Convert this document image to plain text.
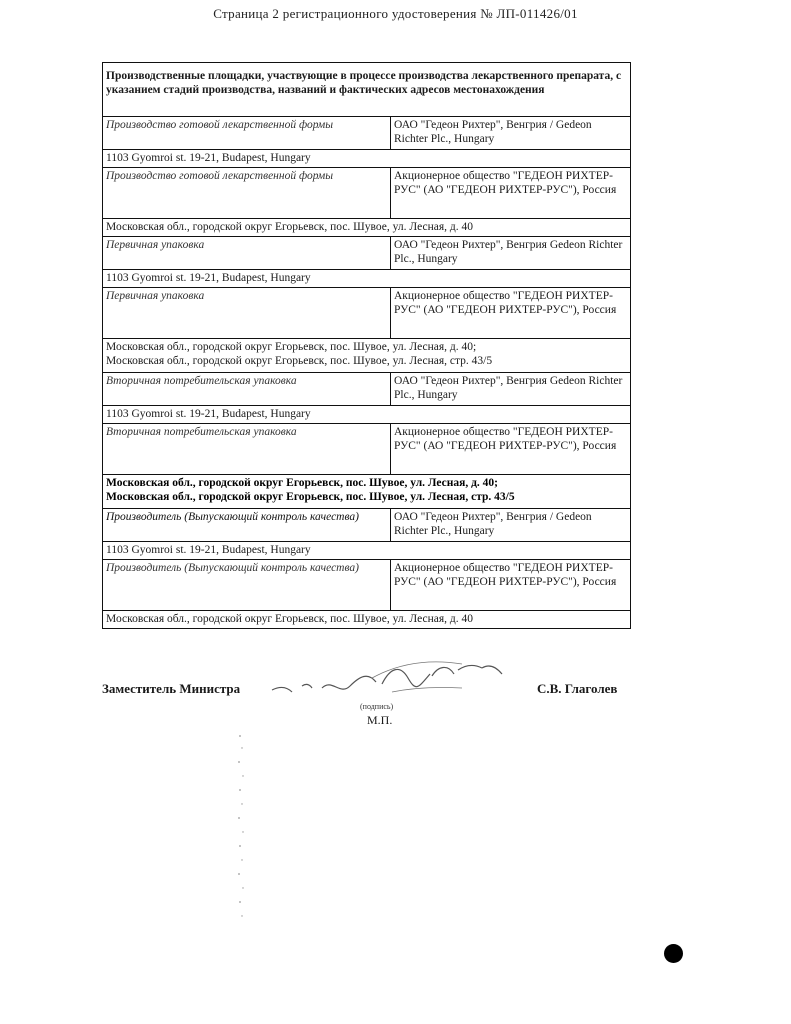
Страница 2 регистрационного удостоверения № ЛП-011426/01
Производственные площадки, участвующие в процессе производства лекарственного препарата, с указанием стадий производства, названий и фактических адресов местонахождения	
Производство готовой лекарственной формы	ОАО "Гедеон Рихтер", Венгрия / Gedeon Richter Plc., Hungary

1103 Gyomroi st. 19-21, Budapest, Hungary	

Производство готовой лекарственной формы	Акционерное общество "ГЕДЕОН РИХТЕР-РУС" (АО "ГЕДЕОН РИХТЕР-РУС"), Россия

Московская обл., городской округ Егорьевск, пос. Шувое, ул. Лесная, д. 40	

Первичная упаковка	ОАО "Гедеон Рихтер", Венгрия Gedeon Richter Plc., Hungary

1103 Gyomroi st. 19-21, Budapest, Hungary	

Первичная упаковка	Акционерное общество "ГЕДЕОН РИХТЕР-РУС" (АО "ГЕДЕОН РИХТЕР-РУС"), Россия

Московская обл., городской округ Егорьевск, пос. Шувое, ул. Лесная, д. 40;
Московская обл., городской округ Егорьевск, пос. Шувое, ул. Лесная, стр. 43/5	

Вторичная потребительская упаковка	ОАО "Гедеон Рихтер", Венгрия Gedeon Richter Plc., Hungary

1103 Gyomroi st. 19-21, Budapest, Hungary	

Вторичная потребительская упаковка	Акционерное общество "ГЕДЕОН РИХТЕР-РУС" (АО "ГЕДЕОН РИХТЕР-РУС"), Россия

Московская обл., городской округ Егорьевск, пос. Шувое, ул. Лесная, д. 40;
Московская обл., городской округ Егорьевск, пос. Шувое, ул. Лесная, стр. 43/5	

Производитель (Выпускающий контроль качества)	ОАО "Гедеон Рихтер", Венгрия / Gedeon Richter Plc., Hungary

1103 Gyomroi st. 19-21, Budapest, Hungary	

Производитель (Выпускающий контроль качества)	Акционерное общество "ГЕДЕОН РИХТЕР-РУС" (АО "ГЕДЕОН РИХТЕР-РУС"), Россия

Московская обл., городской округ Егорьевск, пос. Шувое, ул. Лесная, д. 40	
Заместитель Министра	С.В. Глаголев
(подпись)
М.П.
